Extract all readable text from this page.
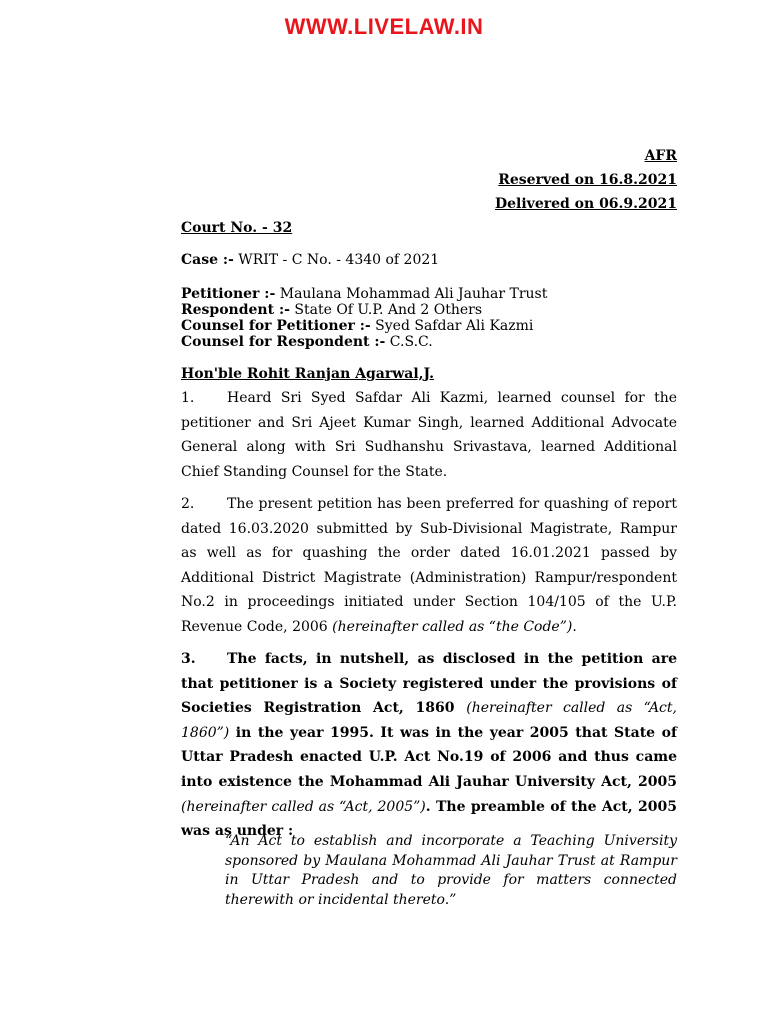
WWW.LIVELAW.IN
AFR
Reserved on 16.8.2021
Delivered on 06.9.2021
Court No. - 32
Case :- WRIT - C No. - 4340 of 2021
Petitioner :- Maulana Mohammad Ali Jauhar Trust
Respondent :- State Of U.P. And 2 Others
Counsel for Petitioner :- Syed Safdar Ali Kazmi
Counsel for Respondent :- C.S.C.
Hon'ble Rohit Ranjan Agarwal,J.
1. Heard Sri Syed Safdar Ali Kazmi, learned counsel for the petitioner and Sri Ajeet Kumar Singh, learned Additional Advocate General along with Sri Sudhanshu Srivastava, learned Additional Chief Standing Counsel for the State.
2. The present petition has been preferred for quashing of report dated 16.03.2020 submitted by Sub-Divisional Magistrate, Rampur as well as for quashing the order dated 16.01.2021 passed by Additional District Magistrate (Administration) Rampur/respondent No.2 in proceedings initiated under Section 104/105 of the U.P. Revenue Code, 2006 (hereinafter called as “the Code”).
3. The facts, in nutshell, as disclosed in the petition are that petitioner is a Society registered under the provisions of Societies Registration Act, 1860 (hereinafter called as “Act, 1860”) in the year 1995. It was in the year 2005 that State of Uttar Pradesh enacted U.P. Act No.19 of 2006 and thus came into existence the Mohammad Ali Jauhar University Act, 2005 (hereinafter called as “Act, 2005”). The preamble of the Act, 2005 was as under :
“An Act to establish and incorporate a Teaching University sponsored by Maulana Mohammad Ali Jauhar Trust at Rampur in Uttar Pradesh and to provide for matters connected therewith or incidental thereto.”
